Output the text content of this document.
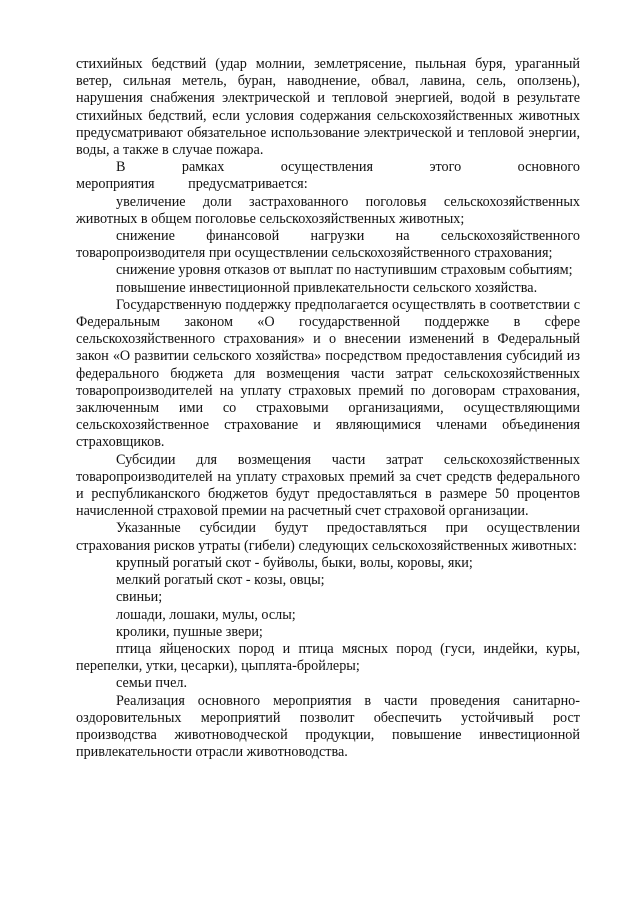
стихийных бедствий (удар молнии, землетрясение, пыльная буря, ураганный ветер, сильная метель, буран, наводнение, обвал, лавина, сель, оползень), нарушения снабжения электрической и тепловой энергией, водой в результате стихийных бедствий, если условия содержания сельскохозяйственных животных предусматривают обязательное использование электрической и тепловой энергии, воды, а также в случае пожара.

В рамках осуществления этого основного мероприятия предусматривается:

увеличение доли застрахованного поголовья сельскохозяйственных животных в общем поголовье сельскохозяйственных животных;

снижение финансовой нагрузки на сельскохозяйственного товаропроизводителя при осуществлении сельскохозяйственного страхования;

снижение уровня отказов от выплат по наступившим страховым событиям;

повышение инвестиционной привлекательности сельского хозяйства.

Государственную поддержку предполагается осуществлять в соответствии с Федеральным законом «О государственной поддержке в сфере сельскохозяйственного страхования» и о внесении изменений в Федеральный закон «О развитии сельского хозяйства» посредством предоставления субсидий из федерального бюджета для возмещения части затрат сельскохозяйственных товаропроизводителей на уплату страховых премий по договорам страхования, заключенным ими со страховыми организациями, осуществляющими сельскохозяйственное страхование и являющимися членами объединения страховщиков.

Субсидии для возмещения части затрат сельскохозяйственных товаропроизводителей на уплату страховых премий за счет средств федерального и республиканского бюджетов будут предоставляться в размере 50 процентов начисленной страховой премии на расчетный счет страховой организации.

Указанные субсидии будут предоставляться при осуществлении страхования рисков утраты (гибели) следующих сельскохозяйственных животных:

крупный рогатый скот - буйволы, быки, волы, коровы, яки;

мелкий рогатый скот - козы, овцы;

свиньи;

лошади, лошаки, мулы, ослы;

кролики, пушные звери;

птица яйценоских пород и птица мясных пород (гуси, индейки, куры, перепелки, утки, цесарки), цыплята-бройлеры;

семьи пчел.

Реализация основного мероприятия в части проведения санитарно-оздоровительных мероприятий позволит обеспечить устойчивый рост производства животноводческой продукции, повышение инвестиционной привлекательности отрасли животноводства.
